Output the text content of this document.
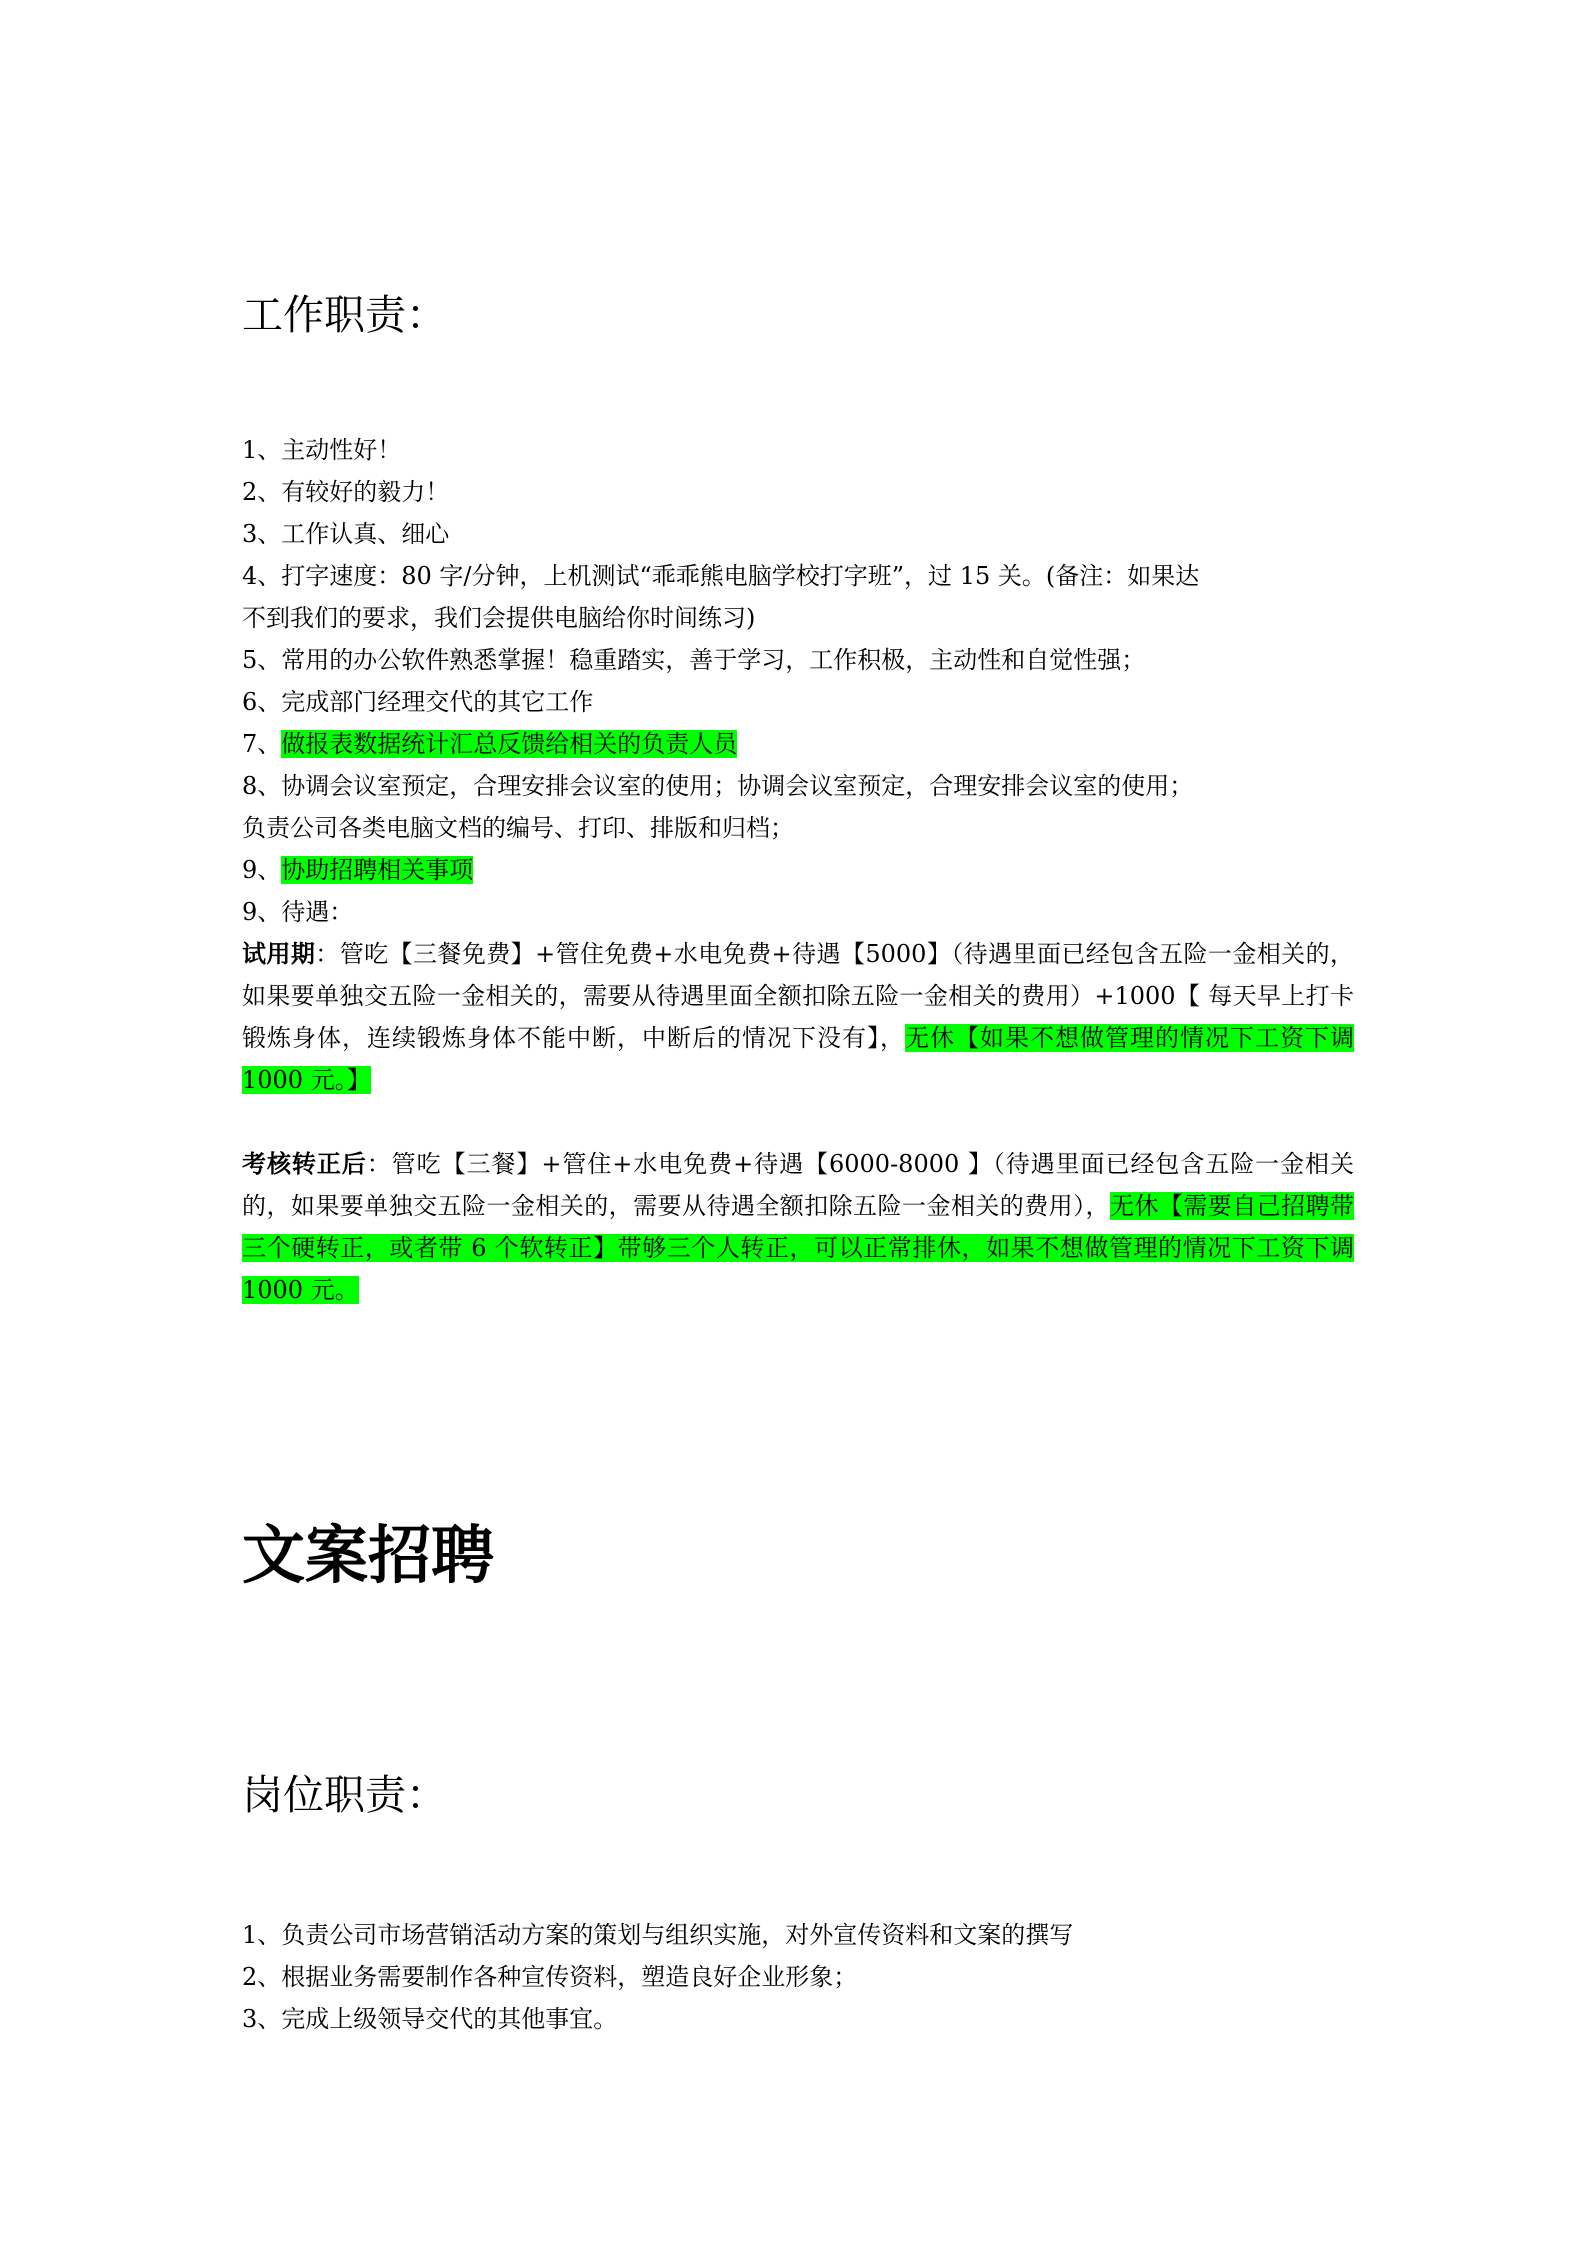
工作职责：
1、主动性好！
2、有较好的毅力！
3、工作认真、细心
4、打字速度：80 字/分钟，上机测试“乖乖熊电脑学校打字班”，过 15 关。(备注：如果达
不到我们的要求，我们会提供电脑给你时间练习)
5、常用的办公软件熟悉掌握！稳重踏实，善于学习，工作积极，主动性和自觉性强；
6、完成部门经理交代的其它工作
7、做报表数据统计汇总反馈给相关的负责人员
8、协调会议室预定，合理安排会议室的使用；协调会议室预定，合理安排会议室的使用；
负责公司各类电脑文档的编号、打印、排版和归档；
9、协助招聘相关事项
9、待遇：
试用期：管吃【三餐免费】+管住免费+水电免费+待遇【5000】（待遇里面已经包含五险一金相关的，如果要单独交五险一金相关的，需要从待遇里面全额扣除五险一金相关的费用）+1000【 每天早上打卡锻炼身体，连续锻炼身体不能中断，中断后的情况下没有】，无休【如果不想做管理的情况下工资下调 1000 元。】
考核转正后：管吃【三餐】+管住+水电免费+待遇【6000-8000 】（待遇里面已经包含五险一金相关的，如果要单独交五险一金相关的，需要从待遇全额扣除五险一金相关的费用），无休【需要自己招聘带三个硬转正，或者带 6 个软转正】带够三个人转正，可以正常排休，如果不想做管理的情况下工资下调 1000 元。
文案招聘
岗位职责：
1、负责公司市场营销活动方案的策划与组织实施，对外宣传资料和文案的撰写
2、根据业务需要制作各种宣传资料，塑造良好企业形象；
3、完成上级领导交代的其他事宜。
